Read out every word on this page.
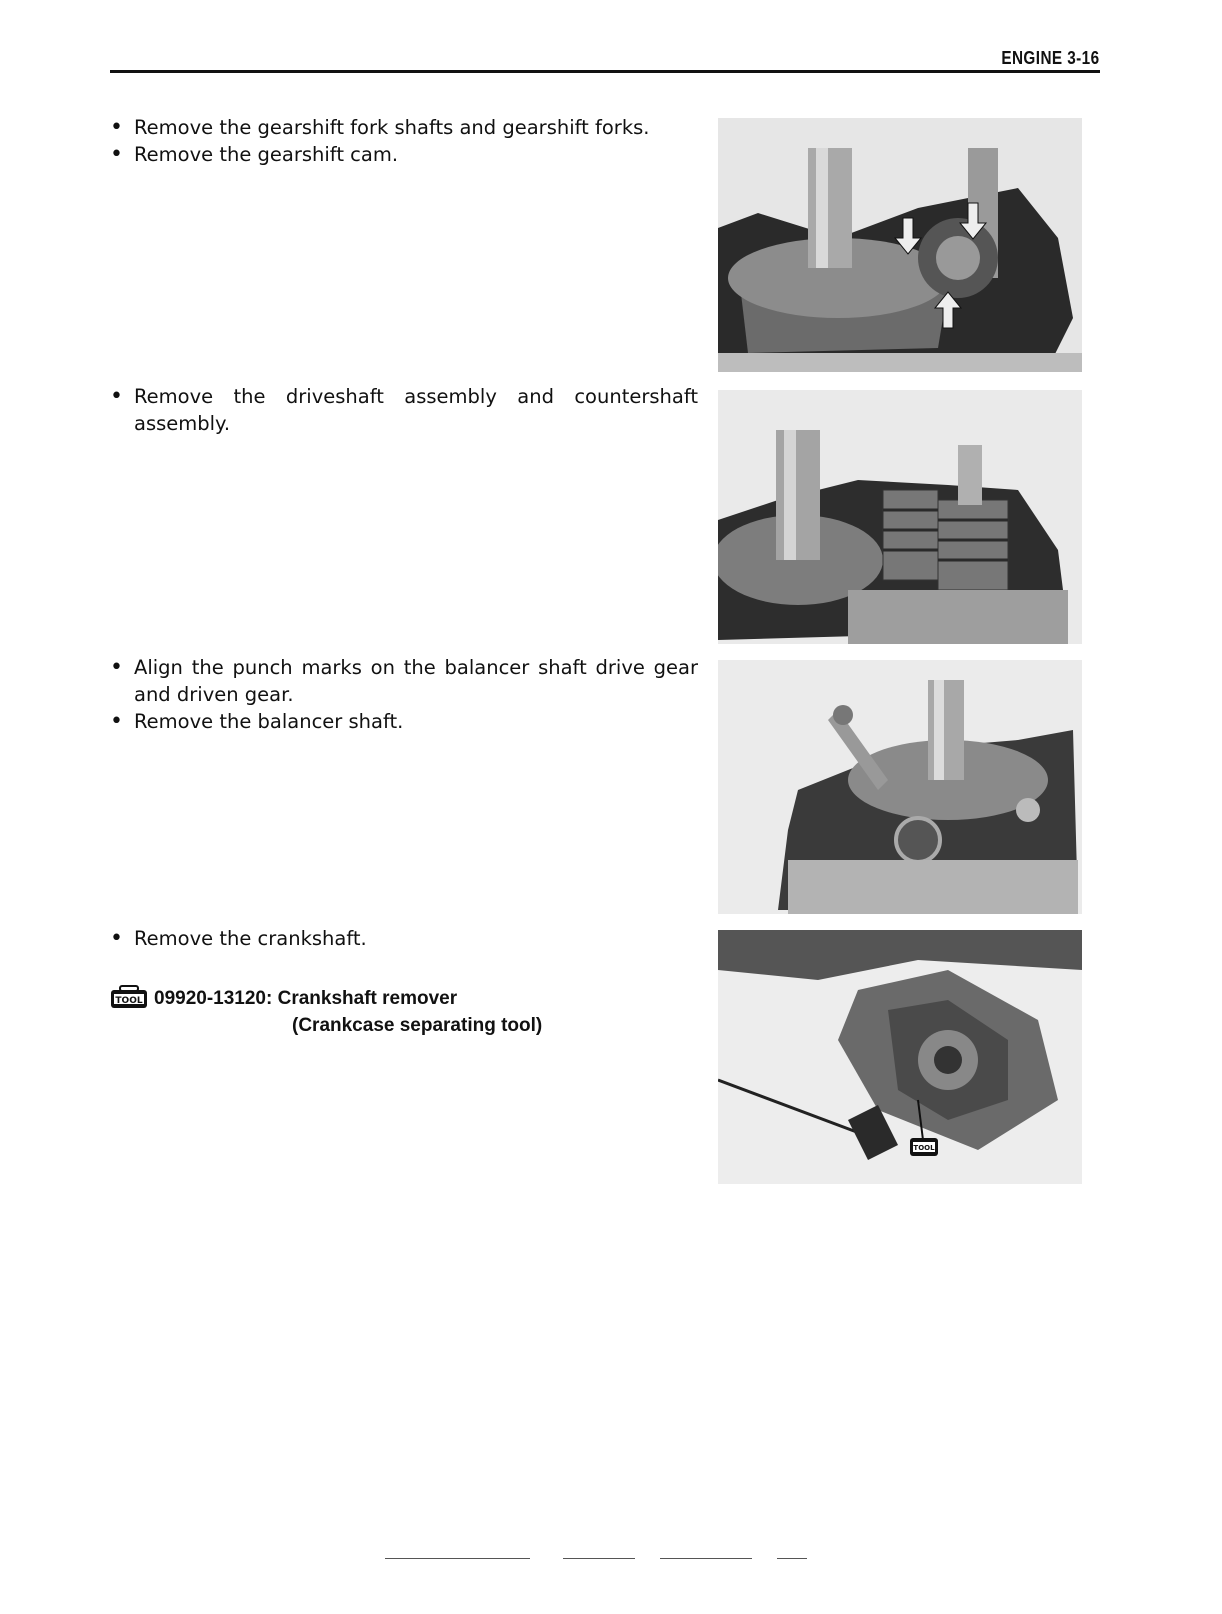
ENGINE 3-16

• Remove the gearshift fork shafts and gearshift forks.

• Remove the gearshift cam.

• Remove the driveshaft assembly and countershaft assembly.

• Align the punch marks on the balancer shaft drive gear and driven gear.

• Remove the balancer shaft.

• Remove the crankshaft.

TOOL 09920-13120: Crankshaft remover
(Crankcase separating tool)
TOOL
